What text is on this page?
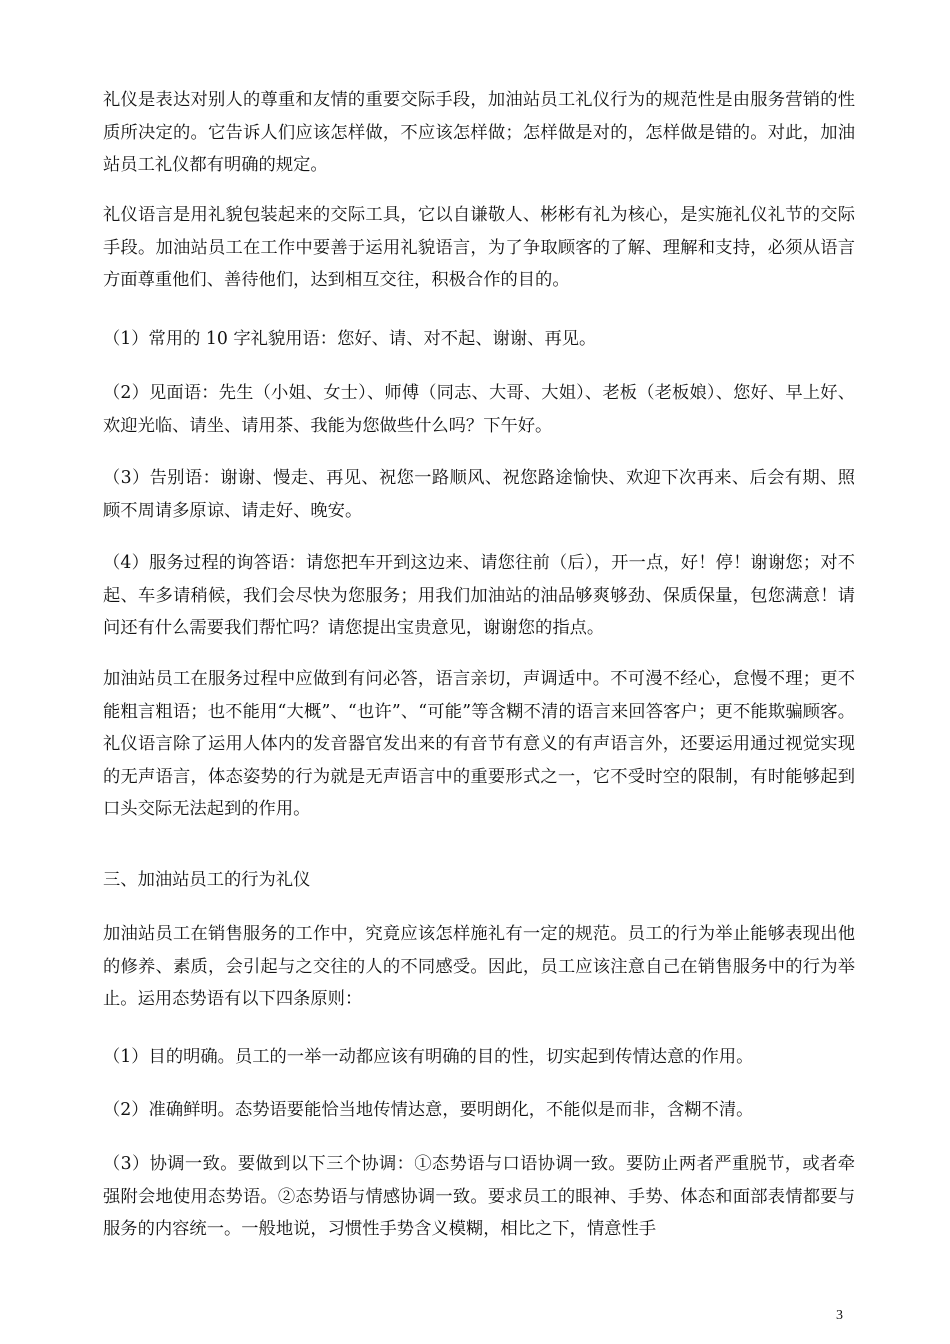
礼仪是表达对别人的尊重和友情的重要交际手段，加油站员工礼仪行为的规范性是由服务营销的性质所决定的。它告诉人们应该怎样做，不应该怎样做；怎样做是对的，怎样做是错的。对此，加油站员工礼仪都有明确的规定。

礼仪语言是用礼貌包装起来的交际工具，它以自谦敬人、彬彬有礼为核心，是实施礼仪礼节的交际手段。加油站员工在工作中要善于运用礼貌语言，为了争取顾客的了解、理解和支持，必须从语言方面尊重他们、善待他们，达到相互交往，积极合作的目的。

（1）常用的 10 字礼貌用语：您好、请、对不起、谢谢、再见。

（2）见面语：先生（小姐、女士）、师傅（同志、大哥、大姐）、老板（老板娘）、您好、早上好、欢迎光临、请坐、请用茶、我能为您做些什么吗？下午好。

（3）告别语：谢谢、慢走、再见、祝您一路顺风、祝您路途愉快、欢迎下次再来、后会有期、照顾不周请多原谅、请走好、晚安。

（4）服务过程的询答语：请您把车开到这边来、请您往前（后），开一点，好！停！谢谢您；对不起、车多请稍候，我们会尽快为您服务；用我们加油站的油品够爽够劲、保质保量，包您满意！请问还有什么需要我们帮忙吗？请您提出宝贵意见，谢谢您的指点。

加油站员工在服务过程中应做到有问必答，语言亲切，声调适中。不可漫不经心，怠慢不理；更不能粗言粗语；也不能用“大概”、“也许”、“可能”等含糊不清的语言来回答客户；更不能欺骗顾客。礼仪语言除了运用人体内的发音器官发出来的有音节有意义的有声语言外，还要运用通过视觉实现的无声语言，体态姿势的行为就是无声语言中的重要形式之一，它不受时空的限制，有时能够起到口头交际无法起到的作用。

三、加油站员工的行为礼仪

加油站员工在销售服务的工作中，究竟应该怎样施礼有一定的规范。员工的行为举止能够表现出他的修养、素质，会引起与之交往的人的不同感受。因此，员工应该注意自己在销售服务中的行为举止。运用态势语有以下四条原则：

（1）目的明确。员工的一举一动都应该有明确的目的性，切实起到传情达意的作用。

（2）准确鲜明。态势语要能恰当地传情达意，要明朗化，不能似是而非，含糊不清。

（3）协调一致。要做到以下三个协调：①态势语与口语协调一致。要防止两者严重脱节，或者牵强附会地使用态势语。②态势语与情感协调一致。要求员工的眼神、手势、体态和面部表情都要与服务的内容统一。一般地说，习惯性手势含义模糊，相比之下，情意性手

3
